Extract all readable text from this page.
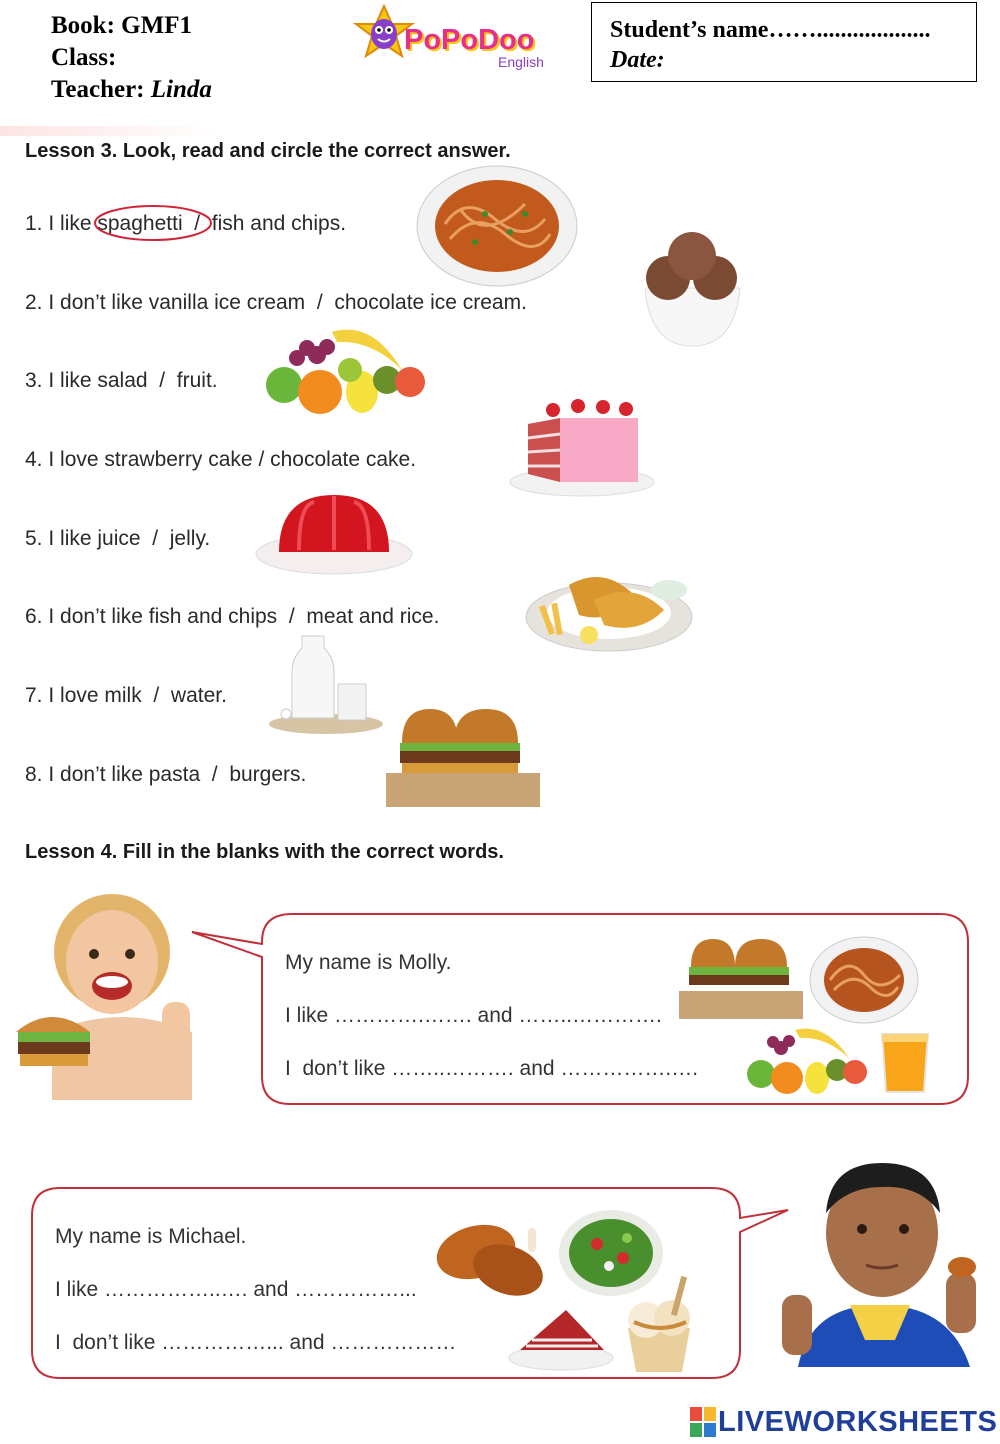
Book: GMF1
Class:
Teacher: Linda
PoPoDoo
English
Student’s name……...................
Date:
Lesson 3. Look, read and circle the correct answer.
1. I like spaghetti  /  fish and chips.
2. I don’t like vanilla ice cream  /  chocolate ice cream.
3. I like salad  /  fruit.
4. I love strawberry cake / chocolate cake.
5. I like juice  /  jelly.
6. I don’t like fish and chips  /  meat and rice.
7. I love milk  /  water.
8. I don’t like pasta  /  burgers.
Lesson 4. Fill in the blanks with the correct words.
My name is Molly.
I like ………….……. and ……..………….
I  don’t like ……..………. and …………….….
My name is Michael.
I like ……………..…. and ……………...
I  don’t like ……………... and ………………
LIVEWORKSHEETS
